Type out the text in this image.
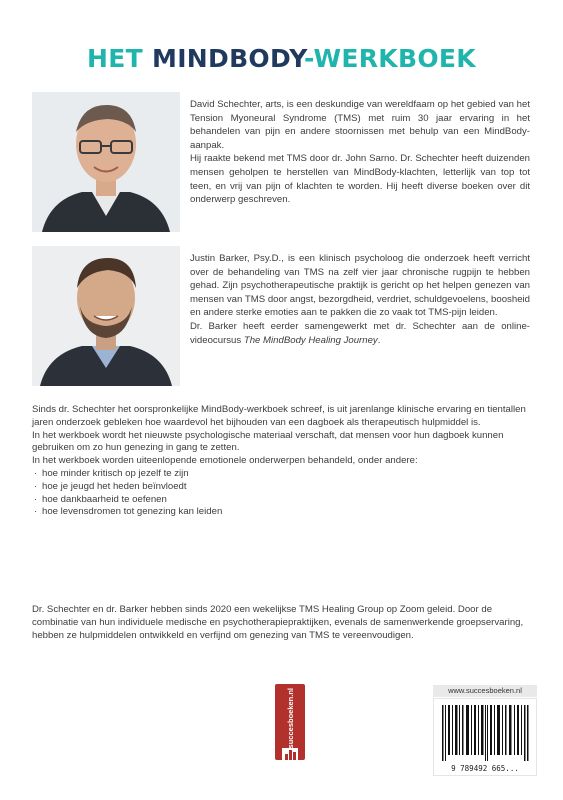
HET MINDBODY-WERKBOEK

David Schechter, arts, is een deskundige van wereldfaam op het gebied van het Tension Myoneural Syndrome (TMS) met ruim 30 jaar ervaring in het behandelen van pijn en andere stoornissen met behulp van een MindBody-aanpak.

Hij raakte bekend met TMS door dr. John Sarno. Dr. Schechter heeft duizenden mensen geholpen te herstellen van MindBody-klachten, letterlijk van top tot teen, en vrij van pijn of klachten te worden. Hij heeft diverse boeken over dit onderwerp geschreven.

Justin Barker, Psy.D., is een klinisch psycholoog die onderzoek heeft verricht over de behandeling van TMS na zelf vier jaar chronische rugpijn te hebben gehad. Zijn psychotherapeutische praktijk is gericht op het helpen genezen van mensen van TMS door angst, bezorgdheid, verdriet, schuldgevoelens, boosheid en andere sterke emoties aan te pakken die zo vaak tot TMS-pijn leiden.

Dr. Barker heeft eerder samengewerkt met dr. Schechter aan de online-videocursus The MindBody Healing Journey.

Sinds dr. Schechter het oorspronkelijke MindBody-werkboek schreef, is uit jarenlange klinische ervaring en tientallen jaren onderzoek gebleken hoe waardevol het bijhouden van een dagboek als therapeutisch hulpmiddel is.

In het werkboek wordt het nieuwste psychologische materiaal verschaft, dat mensen voor hun dagboek kunnen gebruiken om zo hun genezing in gang te zetten.

In het werkboek worden uiteenlopende emotionele onderwerpen behandeld, onder andere:

· hoe minder kritisch op jezelf te zijn
· hoe je jeugd het heden beïnvloedt
· hoe dankbaarheid te oefenen
· hoe levensdromen tot genezing kan leiden

Dr. Schechter en dr. Barker hebben sinds 2020 een wekelijkse TMS Healing Group op Zoom geleid. Door de combinatie van hun individuele medische en psychotherapiepraktijken, evenals de samenwerkende groepservaring, hebben ze hulpmiddelen ontwikkeld en verfijnd om genezing van TMS te vereenvoudigen.

succesboeken.nl	www.succesboeken.nl
9 789492 665...
